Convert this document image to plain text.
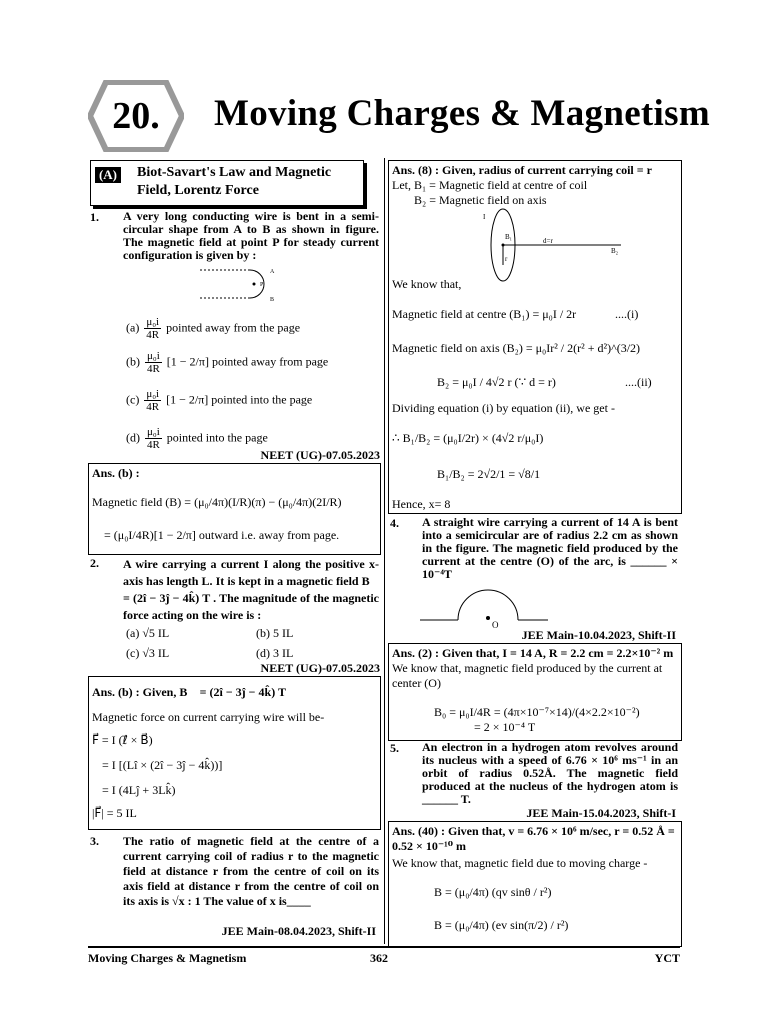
20.	Moving Charges & Magnetism
(A) Biot-Savart's Law and Magnetic
Field, Lorentz Force
1. A very long conducting wire is bent in a semi-circular shape from A to B as shown in figure. The magnetic field at point P for steady current configuration is given by :
A
P
B
$(a) \frac{\text{μ₀i}}{4R}$ pointed away from the page
$(b) \frac{\text{μ₀i}}{4R} [1 - 2/\pi]$ pointed away from page
$(c) \frac{\text{μ₀i}}{4R} [1 - 2/\pi]$ pointed into the page
$(d) \frac{\text{μ₀i}}{4R}$ pointed into the page
NEET (UG)-07.05.2023
Ans. (b) :
Magnetic field (B) = (μ₀/4π)(I/R)(π) − (μ₀/4π)(2I/R)
= (μ₀I/4R)[1 − 2/π] outward i.e. away from page.
2. A wire carrying a current I along the positive x-axis has length L. It is kept in a magnetic field B⃗ = (2î − 3ĵ − 4k̂) T . The magnitude of the magnetic force acting on the wire is :
(a) √5 IL	(b) 5 IL
(c) √3 IL	(d) 3 IL
NEET (UG)-07.05.2023
Ans. (b) : Given, B⃗ = (2î − 3ĵ − 4k̂) T
Magnetic force on current carrying wire will be-
F⃗ = I (ℓ⃗ × B⃗)
= I [(Lî × (2î − 3ĵ − 4k̂))]
= I (4Lĵ + 3Lk̂)
|F⃗| = 5 IL
3. The ratio of magnetic field at the centre of a current carrying coil of radius r to the magnetic field at distance r from the centre of coil on its axis field at distance r from the centre of coil on its axis is √x : 1 The value of x is____
JEE Main-08.04.2023, Shift-II
Ans. (8) : Given, radius of current carrying coil = r
Let, B₁ = Magnetic field at centre of coil
B₂ = Magnetic field on axis
I
B₁	d=r
B₂
r
We know that,
Magnetic field at centre (B₁) = μ₀I / 2r	....(i)
Magnetic field on axis (B₂) = μ₀Ir² / 2(r² + d²)^(3/2)
B₂ = μ₀I / 4√2 r (∵ d = r)	....(ii)
Dividing equation (i) by equation (ii), we get -
∴ B₁/B₂ = (μ₀I/2r) × (4√2 r/μ₀I)
B₁/B₂ = 2√2/1 = √8/1
Hence, x= 8
4. A straight wire carrying a current of 14 A is bent into a semicircular are of radius 2.2 cm as shown in the figure. The magnetic field produced by the current at the centre (O) of the arc, is ______ × 10⁻⁴T
O
JEE Main-10.04.2023, Shift-II
Ans. (2) : Given that, I = 14 A, R = 2.2 cm = 2.2×10⁻² m
We know that, magnetic field produced by the current at center (O)
B₀ = μ₀I/4R = (4π×10⁻⁷×14)/(4×2.2×10⁻²)
= 2 × 10⁻⁴ T
5. An electron in a hydrogen atom revolves around its nucleus with a speed of 6.76 × 10⁶ ms⁻¹ in an orbit of radius 0.52Å. The magnetic field produced at the nucleus of the hydrogen atom is ______ T.
JEE Main-15.04.2023, Shift-I
Ans. (40) : Given that, v = 6.76 × 10⁶ m/sec, r = 0.52 Å = 0.52 × 10⁻¹⁰ m
We know that, magnetic field due to moving charge -
B = (μ₀/4π) (qv sinθ / r²)
B = (μ₀/4π) (ev sin(π/2) / r²)
Moving Charges & Magnetism	362	YCT
